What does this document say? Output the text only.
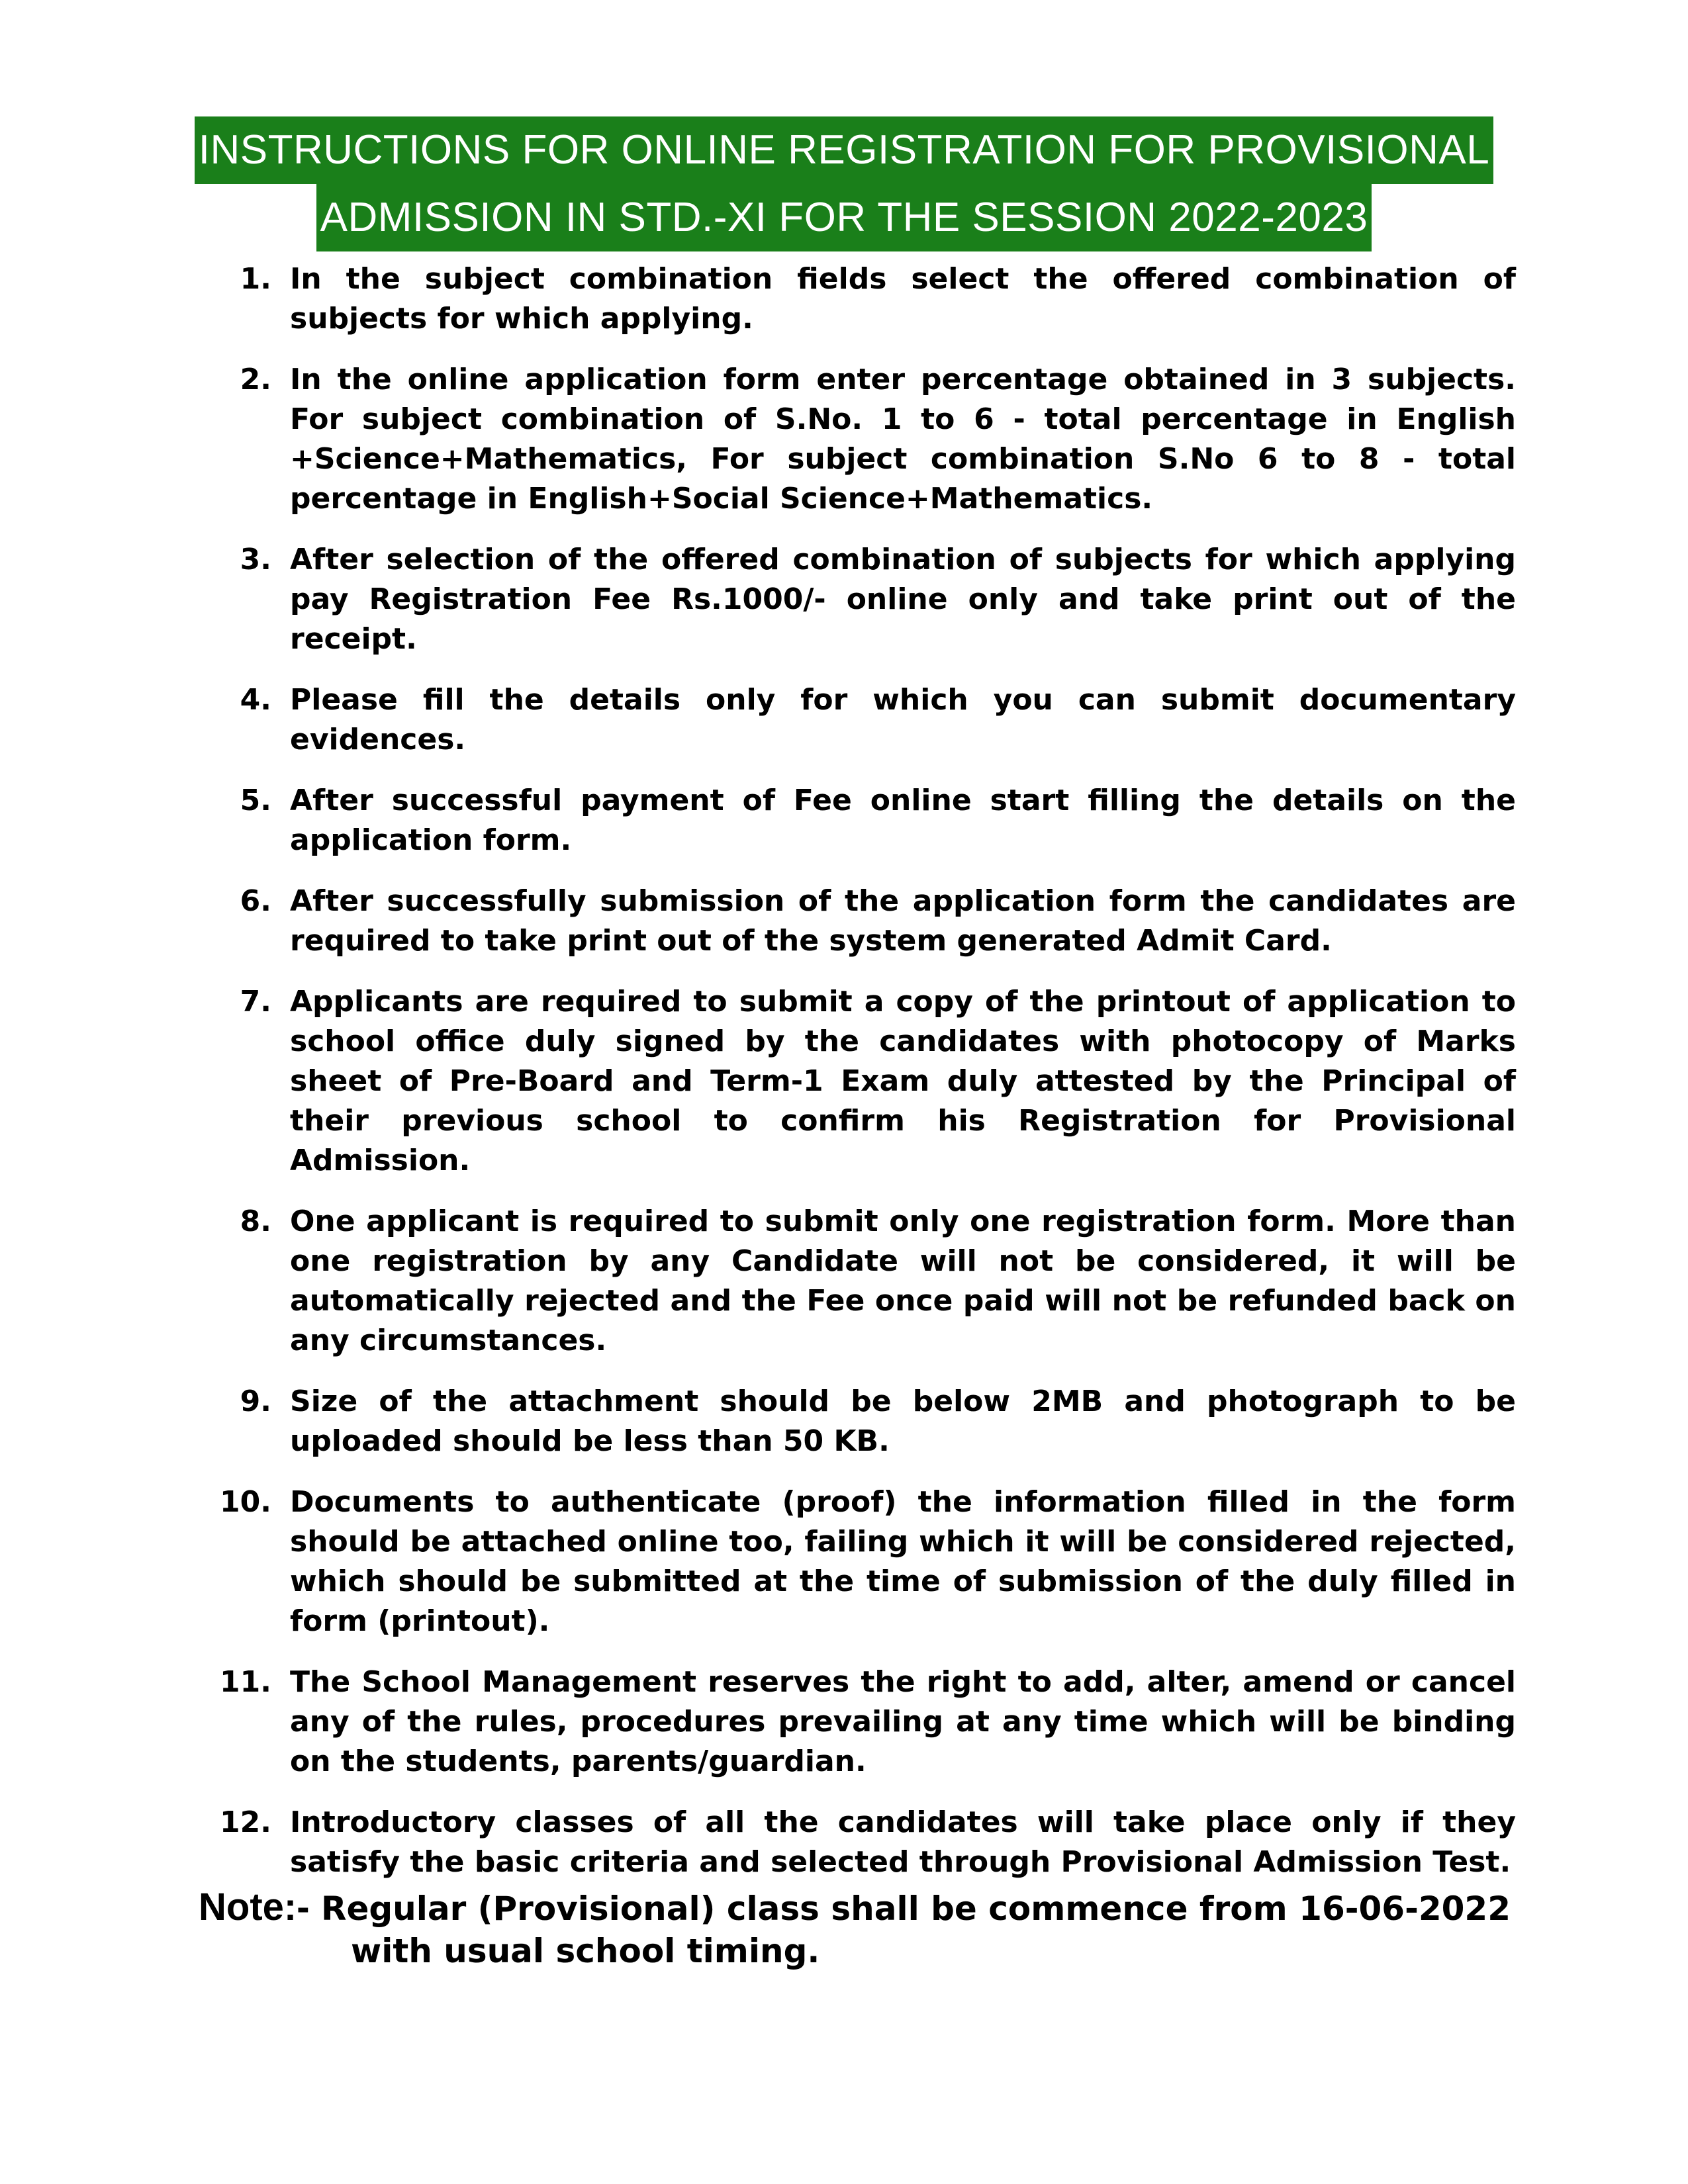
INSTRUCTIONS FOR ONLINE REGISTRATION FOR PROVISIONAL
ADMISSION IN STD.-XI FOR THE SESSION 2022-2023
1. In the subject combination fields select the offered combination of subjects for which applying.
2. In the online application form enter percentage obtained in 3 subjects. For subject combination of S.No. 1 to 6 - total percentage in English +Science+Mathematics, For subject combination S.No 6 to 8 - total percentage in English+Social Science+Mathematics.
3. After selection of the offered combination of subjects for which applying pay Registration Fee Rs.1000/- online only and take print out of the receipt.
4. Please fill the details only for which you can submit documentary evidences.
5. After successful payment of Fee online start filling the details on the application form.
6. After successfully submission of the application form the candidates are required to take print out of the system generated Admit Card.
7. Applicants are required to submit a copy of the printout of application to school office duly signed by the candidates with photocopy of Marks sheet of Pre-Board and Term-1 Exam duly attested by the Principal of their previous school to confirm his Registration for Provisional Admission.
8. One applicant is required to submit only one registration form. More than one registration by any Candidate will not be considered, it will be automatically rejected and the Fee once paid will not be refunded back on any circumstances.
9. Size of the attachment should be below 2MB and photograph to be uploaded should be less than 50 KB.
10. Documents to authenticate (proof) the information filled in the form should be attached online too, failing which it will be considered rejected, which should be submitted at the time of submission of the duly filled in form (printout).
11. The School Management reserves the right to add, alter, amend or cancel any of the rules, procedures prevailing at any time which will be binding on the students, parents/guardian.
12. Introductory classes of all the candidates will take place only if they satisfy the basic criteria and selected through Provisional Admission Test.
Note:- Regular (Provisional) class shall be commence from 16-06-2022
with usual school timing.
